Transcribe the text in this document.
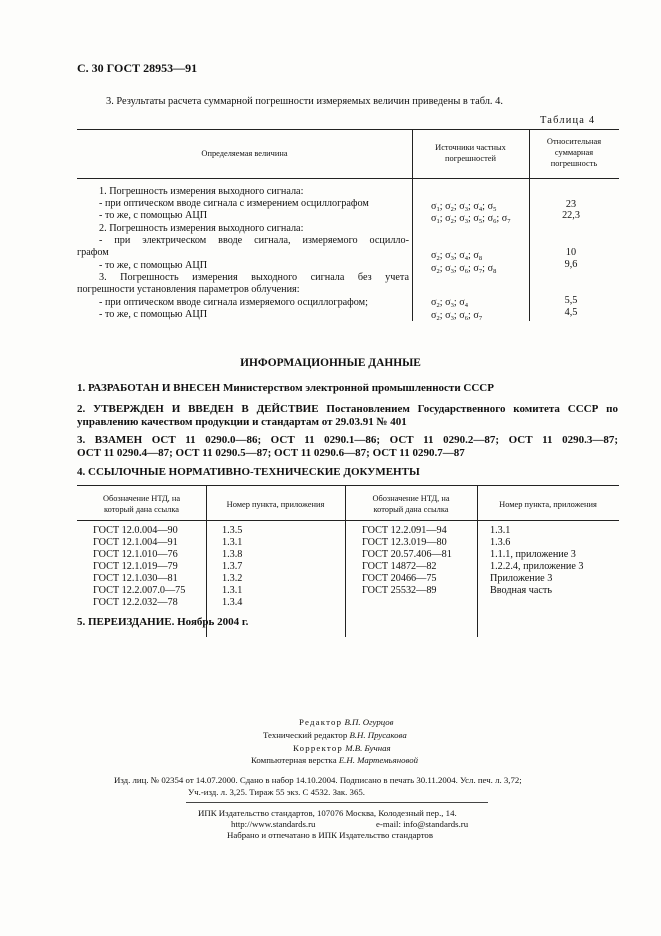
С. 30 ГОСТ 28953—91
3. Результаты расчета суммарной погрешности измеряемых величин приведены в табл. 4.
Таблица 4
Определяемая величина
Источники частных
погрешностей
Относительная
суммарная
погрешность
1. Погрешность измерения выходного сигнала:
- при оптическом вводе сигнала с измерением осциллографом
- то же, с помощью АЦП
2. Погрешность измерения выходного сигнала:
- при электрическом вводе сигнала, измеряемого осцилло-
графом
- то же, с помощью АЦП
3. Погрешность измерения выходного сигнала без учета
погрешности установления параметров облучения:
- при оптическом вводе сигнала измеряемого осциллографом;
- то же, с помощью АЦП
$\sigma_1$; $\sigma_2$; $\sigma_3$; $\sigma_4$; $\sigma_5$
$\sigma_1$; $\sigma_2$; $\sigma_3$; $\sigma_5$; $\sigma_6$; $\sigma_7$
$\sigma_2$; $\sigma_3$; $\sigma_4$; $\sigma_8$
$\sigma_2$; $\sigma_3$; $\sigma_6$; $\sigma_7$; $\sigma_8$
$\sigma_2$; $\sigma_3$; $\sigma_4$
$\sigma_2$; $\sigma_3$; $\sigma_6$; $\sigma_7$
23
22,3
10
9,6
5,5
4,5
ИНФОРМАЦИОННЫЕ ДАННЫЕ
1. РАЗРАБОТАН И ВНЕСЕН Министерством электронной промышленности СССР
2. УТВЕРЖДЕН И ВВЕДЕН В ДЕЙСТВИЕ Постановлением Государственного комитета СССР по
управлению качеством продукции и стандартам от 29.03.91 № 401
3. ВЗАМЕН ОСТ 11 0290.0—86; ОСТ 11 0290.1—86; ОСТ 11 0290.2—87; ОСТ 11 0290.3—87;
ОСТ 11 0290.4—87; ОСТ 11 0290.5—87; ОСТ 11 0290.6—87; ОСТ 11 0290.7—87
4. ССЫЛОЧНЫЕ НОРМАТИВНО-ТЕХНИЧЕСКИЕ ДОКУМЕНТЫ
Обозначение НТД, на
который дана ссылка
Номер пункта, приложения
Обозначение НТД, на
который дана ссылка
Номер пункта, приложения
ГОСТ 12.0.004—90
ГОСТ 12.1.004—91
ГОСТ 12.1.010—76
ГОСТ 12.1.019—79
ГОСТ 12.1.030—81
ГОСТ 12.2.007.0—75
ГОСТ 12.2.032—78
1.3.5
1.3.1
1.3.8
1.3.7
1.3.2
1.3.1
1.3.4
ГОСТ 12.2.091—94
ГОСТ 12.3.019—80
ГОСТ 20.57.406—81
ГОСТ 14872—82
ГОСТ 20466—75
ГОСТ 25532—89
1.3.1
1.3.6
1.1.1, приложение 3
1.2.2.4, приложение 3
Приложение 3
Вводная часть
5. ПЕРЕИЗДАНИЕ. Ноябрь 2004 г.
Редактор В.П. Огурцов
Технический редактор В.Н. Прусакова
Корректор М.В. Бучная
Компьютерная верстка Е.Н. Мартемьяновой
Изд. лиц. № 02354 от 14.07.2000. Сдано в набор 14.10.2004. Подписано в печать 30.11.2004. Усл. печ. л. 3,72;
Уч.-изд. л. 3,25. Тираж 55 экз. С 4532. Зак. 365.
ИПК Издательство стандартов, 107076 Москва, Колодезный пер., 14.
http://www.standards.ru	e-mail: info@standards.ru
Набрано и отпечатано в ИПК Издательство стандартов
